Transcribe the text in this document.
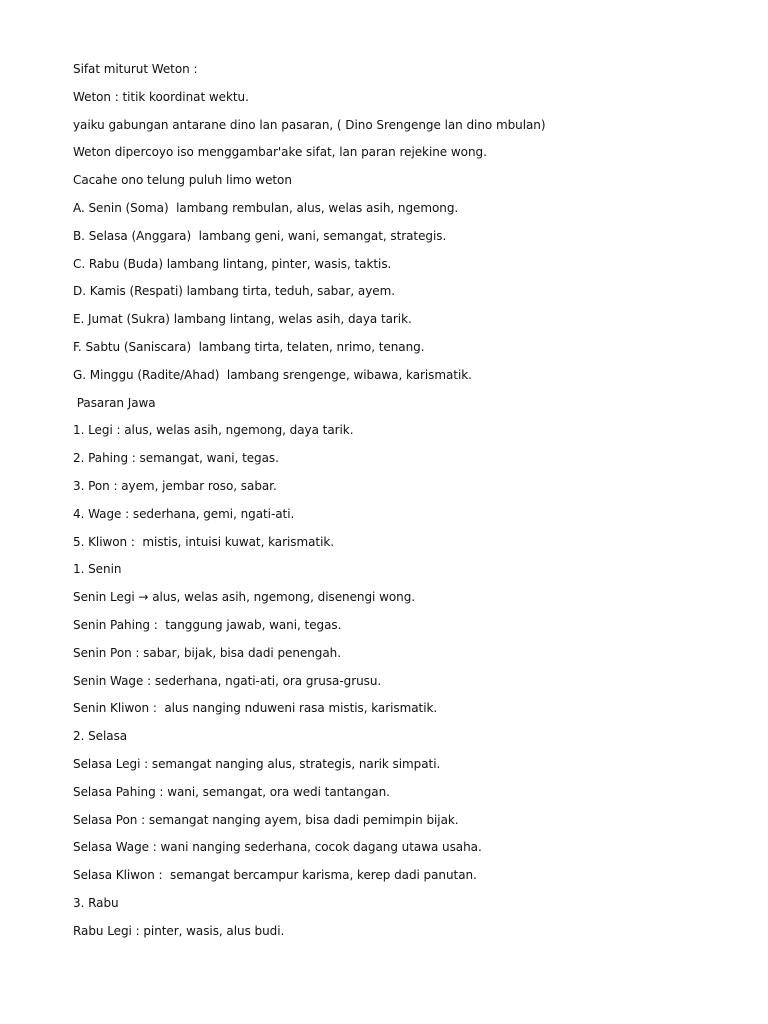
Sifat miturut Weton :

Weton : titik koordinat wektu.

yaiku gabungan antarane dino lan pasaran, ( Dino Srengenge lan dino mbulan)

Weton dipercoyo iso menggambar'ake sifat, lan paran rejekine wong.

Cacahe ono telung puluh limo weton

A. Senin (Soma)  lambang rembulan, alus, welas asih, ngemong.

B. Selasa (Anggara)  lambang geni, wani, semangat, strategis.

C. Rabu (Buda) lambang lintang, pinter, wasis, taktis.

D. Kamis (Respati) lambang tirta, teduh, sabar, ayem.

E. Jumat (Sukra) lambang lintang, welas asih, daya tarik.

F. Sabtu (Saniscara)  lambang tirta, telaten, nrimo, tenang.

G. Minggu (Radite/Ahad)  lambang srengenge, wibawa, karismatik.

Pasaran Jawa

1. Legi : alus, welas asih, ngemong, daya tarik.

2. Pahing : semangat, wani, tegas.

3. Pon : ayem, jembar roso, sabar.

4. Wage : sederhana, gemi, ngati-ati.

5. Kliwon :  mistis, intuisi kuwat, karismatik.

1. Senin

Senin Legi → alus, welas asih, ngemong, disenengi wong.

Senin Pahing :  tanggung jawab, wani, tegas.

Senin Pon : sabar, bijak, bisa dadi penengah.

Senin Wage : sederhana, ngati-ati, ora grusa-grusu.

Senin Kliwon :  alus nanging nduweni rasa mistis, karismatik.

2. Selasa

Selasa Legi : semangat nanging alus, strategis, narik simpati.

Selasa Pahing : wani, semangat, ora wedi tantangan.

Selasa Pon : semangat nanging ayem, bisa dadi pemimpin bijak.

Selasa Wage : wani nanging sederhana, cocok dagang utawa usaha.

Selasa Kliwon :  semangat bercampur karisma, kerep dadi panutan.

3. Rabu

Rabu Legi : pinter, wasis, alus budi.
